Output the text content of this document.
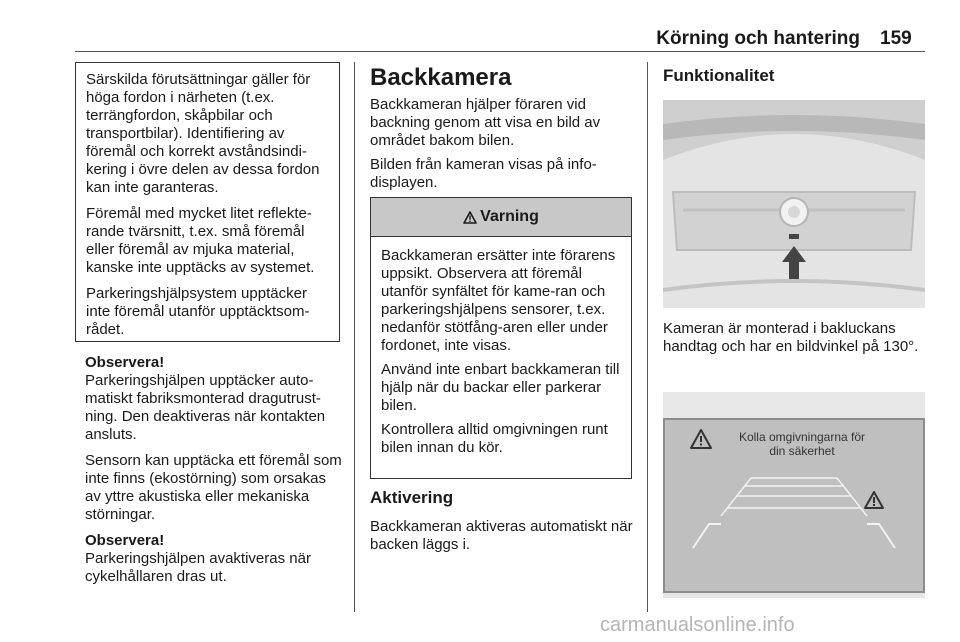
Körning och hantering 159

Särskilda förutsättningar gäller för höga fordon i närheten (t.ex. terrängfordon, skåpbilar och transportbilar). Identifiering av föremål och korrekt avståndsindi-kering i övre delen av dessa fordon kan inte garanteras.

Föremål med mycket litet reflekte-rande tvärsnitt, t.ex. små föremål eller föremål av mjuka material, kanske inte upptäcks av systemet.

Parkeringshjälpsystem upptäcker inte föremål utanför upptäcktsom-rådet.

Observera!

Parkeringshjälpen upptäcker auto-matiskt fabriksmonterad dragutrust-ning. Den deaktiveras när kontakten ansluts.

Sensorn kan upptäcka ett föremål som inte finns (ekostörning) som orsakas av yttre akustiska eller mekaniska störningar.

Observera!

Parkeringshjälpen avaktiveras när cykelhållaren dras ut.

Backkamera

Backkameran hjälper föraren vid backning genom att visa en bild av området bakom bilen.

Bilden från kameran visas på info-displayen.

Varning

Backkameran ersätter inte förarens uppsikt. Observera att föremål utanför synfältet för kame-ran och parkeringshjälpens sensorer, t.ex. nedanför stötfång-aren eller under fordonet, inte visas.

Använd inte enbart backkameran till hjälp när du backar eller parkerar bilen.

Kontrollera alltid omgivningen runt bilen innan du kör.

Aktivering

Backkameran aktiveras automatiskt när backen läggs i.

Funktionalitet

Kameran är monterad i bakluckans handtag och har en bildvinkel på 130°.

Kolla omgivningarna för
din säkerhet
carmanualsonline.info
